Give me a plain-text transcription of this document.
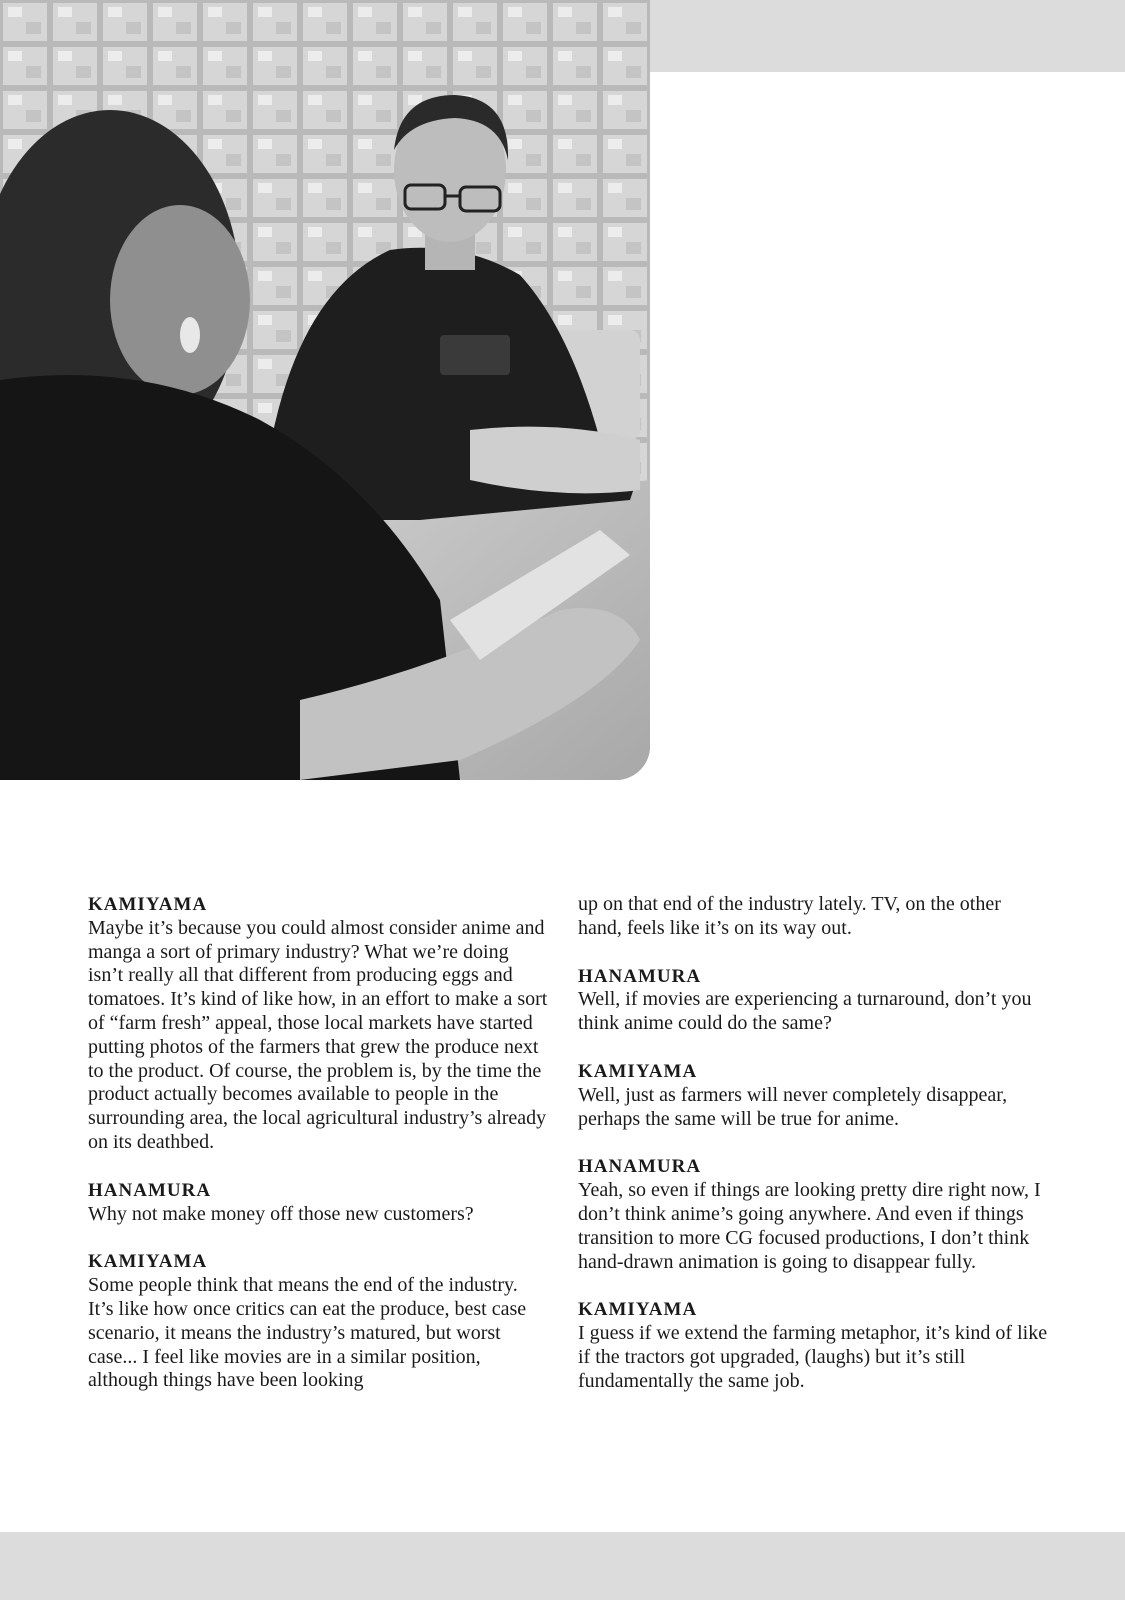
KAMIYAMA
Maybe it’s because you could almost consider anime and manga a sort of primary industry? What we’re doing isn’t really all that different from producing eggs and tomatoes. It’s kind of like how, in an effort to make a sort of “farm fresh” appeal, those local markets have started putting photos of the farmers that grew the produce next to the product. Of course, the problem is, by the time the product actually becomes available to people in the surrounding area, the local agricultural industry’s already on its deathbed.
HANAMURA
Why not make money off those new customers?
KAMIYAMA
Some people think that means the end of the industry. It’s like how once critics can eat the produce, best case scenario, it means the industry’s matured, but worst case... I feel like movies are in a similar position, although things have been looking
up on that end of the industry lately. TV, on the other hand, feels like it’s on its way out.
HANAMURA
Well, if movies are experiencing a turnaround, don’t you think anime could do the same?
KAMIYAMA
Well, just as farmers will never completely disappear, perhaps the same will be true for anime.
HANAMURA
Yeah, so even if things are looking pretty dire right now, I don’t think anime’s going anywhere. And even if things transition to more CG focused productions, I don’t think hand-drawn animation is going to disappear fully.
KAMIYAMA
I guess if we extend the farming metaphor, it’s kind of like if the tractors got upgraded, (laughs) but it’s still fundamentally the same job.
